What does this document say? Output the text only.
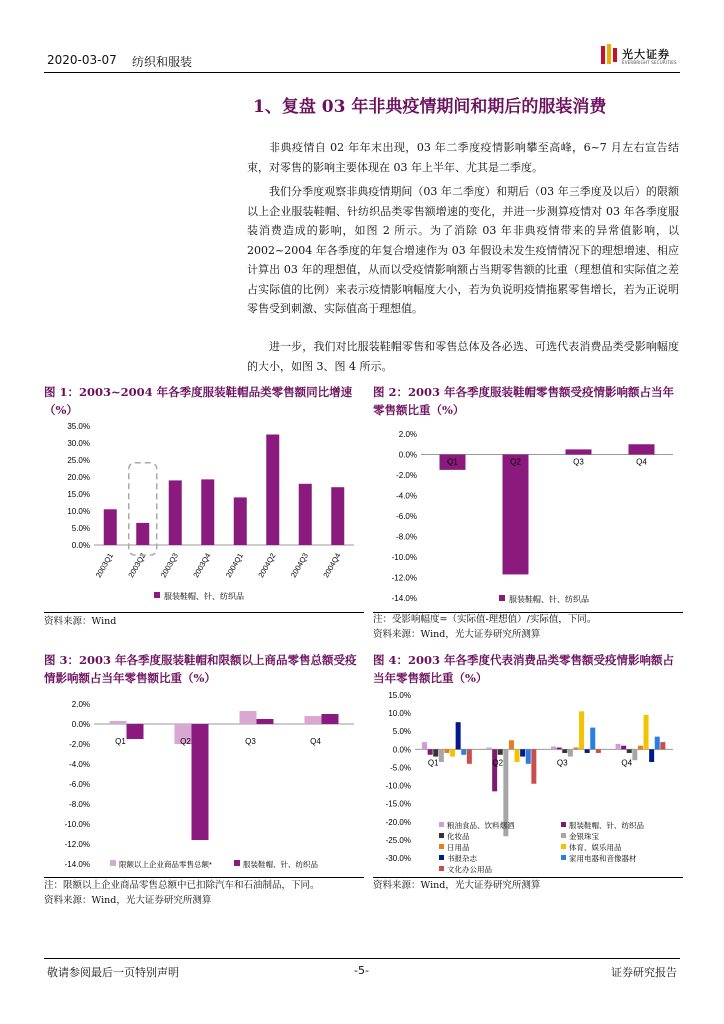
2020-03-07 纺织和服装
光大证券
EVERBRIGHT SECURITIES
1、复盘 03 年非典疫情期间和期后的服装消费
非典疫情自 02 年年末出现，03 年二季度疫情影响攀至高峰，6~7 月左右宣告结束，对零售的影响主要体现在 03 年上半年、尤其是二季度。
我们分季度观察非典疫情期间（03 年二季度）和期后（03 年三季度及以后）的限额以上企业服装鞋帽、针纺织品类零售额增速的变化，并进一步测算疫情对 03 年各季度服装消费造成的影响，如图 2 所示。为了消除 03 年非典疫情带来的异常值影响，以 2002~2004 年各季度的年复合增速作为 03 年假设未发生疫情情况下的理想增速、相应计算出 03 年的理想值，从而以受疫情影响额占当期零售额的比重（理想值和实际值之差占实际值的比例）来表示疫情影响幅度大小，若为负说明疫情拖累零售增长，若为正说明零售受到刺激、实际值高于理想值。
进一步，我们对比服装鞋帽零售和零售总体及各必选、可选代表消费品类受影响幅度的大小，如图 3、图 4 所示。
图 1：2003~2004 年各季度服装鞋帽品类零售额同比增速（%）
35.0%
30.0%
25.0%
20.0%
15.0%
10.0%
5.0%
0.0%
2003Q1 2003Q2 2003Q3 2003Q4 2004Q1 2004Q2 2004Q3 2004Q4
服装鞋帽、针、纺织品
资料来源：Wind
图 2：2003 年各季度服装鞋帽零售额受疫情影响额占当年零售额比重（%）
2.0%
0.0%
-2.0%
-4.0%
-6.0%
-8.0%
-10.0%
-12.0%
-14.0%
Q1	Q2	Q3	Q4
服装鞋帽、针、纺织品
注：受影响幅度=（实际值-理想值）/实际值，下同。
资料来源：Wind，光大证券研究所测算
图 3：2003 年各季度服装鞋帽和限额以上商品零售总额受疫情影响额占当年零售额比重（%）
2.0%
0.0%
-2.0%
-4.0%
-6.0%
-8.0%
-10.0%
-12.0%
-14.0%
Q1	Q2	Q3	Q4
限额以上企业商品零售总额*	服装鞋帽、针、纺织品
注：限额以上企业商品零售总额中已扣除汽车和石油制品，下同。
资料来源：Wind，光大证券研究所测算
图 4：2003 年各季度代表消费品类零售额受疫情影响额占当年零售额比重（%）
15.0%
10.0%
5.0%
0.0%
-5.0%
-10.0%
-15.0%
-20.0%
-25.0%
-30.0%
Q1	Q2	Q3	Q4
粮油食品、饮料烟酒	服装鞋帽、针、纺织品
化妆品	金银珠宝
日用品	体育、娱乐用品
书报杂志	家用电器和音像器材
文化办公用品
资料来源：Wind，光大证券研究所测算
敬请参阅最后一页特别声明	-5-	证券研究报告
